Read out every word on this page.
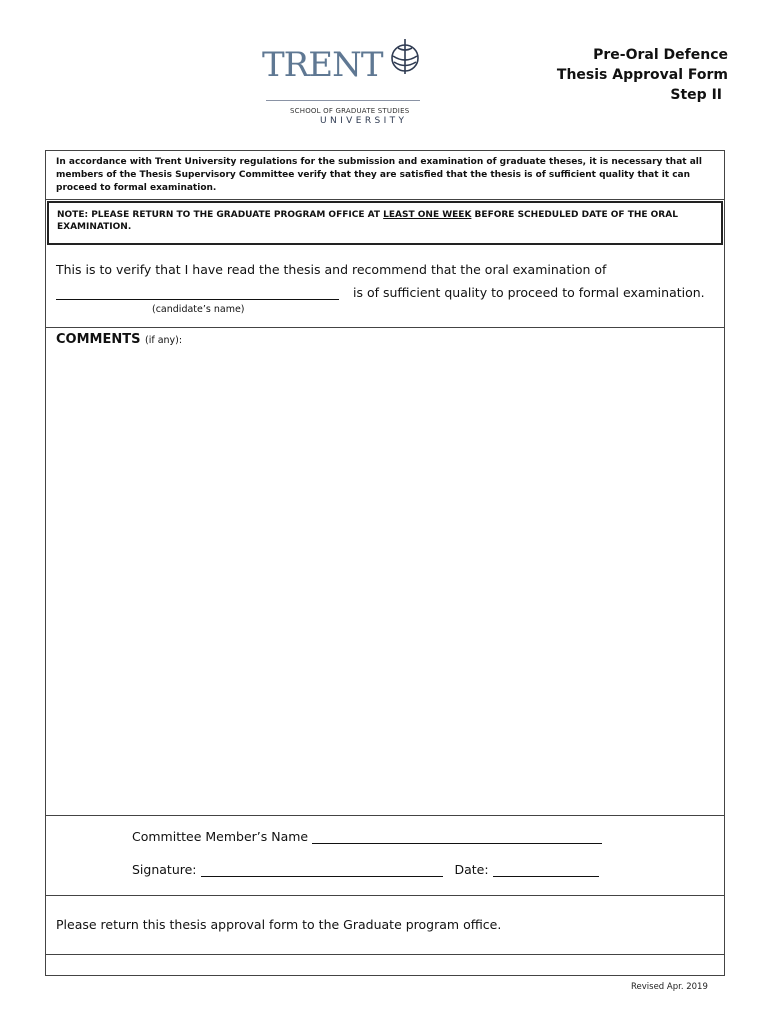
TRENT
UNIVERSITY
SCHOOL OF GRADUATE STUDIES
Pre-Oral Defence
Thesis Approval Form
Step II
In accordance with Trent University regulations for the submission and examination of graduate theses, it is necessary that all members of the Thesis Supervisory Committee verify that they are satisfied that the thesis is of sufficient quality that it can proceed to formal examination.
NOTE: PLEASE RETURN TO THE GRADUATE PROGRAM OFFICE AT LEAST ONE WEEK BEFORE SCHEDULED DATE OF THE ORAL EXAMINATION.
This is to verify that I have read the thesis and recommend that the oral examination of
is of sufficient quality to proceed to formal examination.
(candidate’s name)
COMMENTS (if any):
Committee Member’s Name
Signature:	Date:
Please return this thesis approval form to the Graduate program office.
Revised Apr. 2019
